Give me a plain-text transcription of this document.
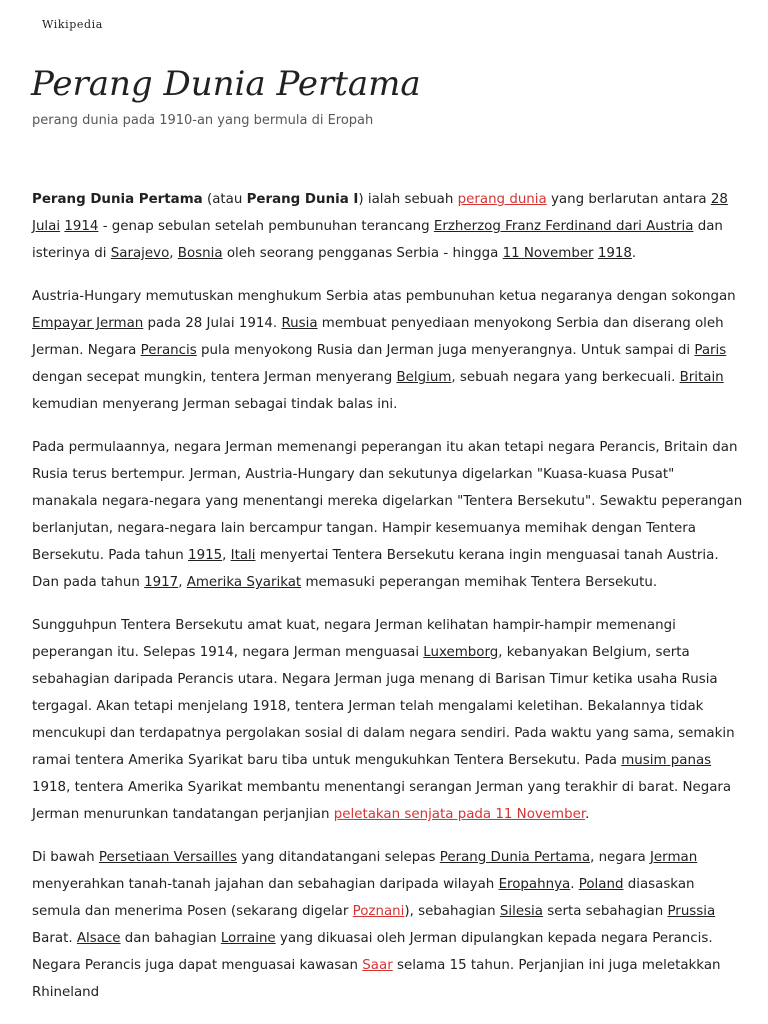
Wikipedia
Perang Dunia Pertama
perang dunia pada 1910-an yang bermula di Eropah

Perang Dunia Pertama (atau Perang Dunia I) ialah sebuah perang dunia yang berlarutan antara 28 Julai 1914 - genap sebulan setelah pembunuhan terancang Erzherzog Franz Ferdinand dari Austria dan isterinya di Sarajevo, Bosnia oleh seorang pengganas Serbia - hingga 11 November 1918.

Austria-Hungary memutuskan menghukum Serbia atas pembunuhan ketua negaranya dengan sokongan Empayar Jerman pada 28 Julai 1914. Rusia membuat penyediaan menyokong Serbia dan diserang oleh Jerman. Negara Perancis pula menyokong Rusia dan Jerman juga menyerangnya. Untuk sampai di Paris dengan secepat mungkin, tentera Jerman menyerang Belgium, sebuah negara yang berkecuali. Britain kemudian menyerang Jerman sebagai tindak balas ini.

Pada permulaannya, negara Jerman memenangi peperangan itu akan tetapi negara Perancis, Britain dan Rusia terus bertempur. Jerman, Austria-Hungary dan sekutunya digelarkan "Kuasa-kuasa Pusat" manakala negara-negara yang menentangi mereka digelarkan "Tentera Bersekutu". Sewaktu peperangan berlanjutan, negara-negara lain bercampur tangan. Hampir kesemuanya memihak dengan Tentera Bersekutu. Pada tahun 1915, Itali menyertai Tentera Bersekutu kerana ingin menguasai tanah Austria. Dan pada tahun 1917, Amerika Syarikat memasuki peperangan memihak Tentera Bersekutu.

Sungguhpun Tentera Bersekutu amat kuat, negara Jerman kelihatan hampir-hampir memenangi peperangan itu. Selepas 1914, negara Jerman menguasai Luxemborg, kebanyakan Belgium, serta sebahagian daripada Perancis utara. Negara Jerman juga menang di Barisan Timur ketika usaha Rusia tergagal. Akan tetapi menjelang 1918, tentera Jerman telah mengalami keletihan. Bekalannya tidak mencukupi dan terdapatnya pergolakan sosial di dalam negara sendiri. Pada waktu yang sama, semakin ramai tentera Amerika Syarikat baru tiba untuk mengukuhkan Tentera Bersekutu. Pada musim panas 1918, tentera Amerika Syarikat membantu menentangi serangan Jerman yang terakhir di barat. Negara Jerman menurunkan tandatangan perjanjian peletakan senjata pada 11 November.

Di bawah Persetiaan Versailles yang ditandatangani selepas Perang Dunia Pertama, negara Jerman menyerahkan tanah-tanah jajahan dan sebahagian daripada wilayah Eropahnya. Poland diasaskan semula dan menerima Posen (sekarang digelar Poznani), sebahagian Silesia serta sebahagian Prussia Barat. Alsace dan bahagian Lorraine yang dikuasai oleh Jerman dipulangkan kepada negara Perancis. Negara Perancis juga dapat menguasai kawasan Saar selama 15 tahun. Perjanjian ini juga meletakkan Rhineland
